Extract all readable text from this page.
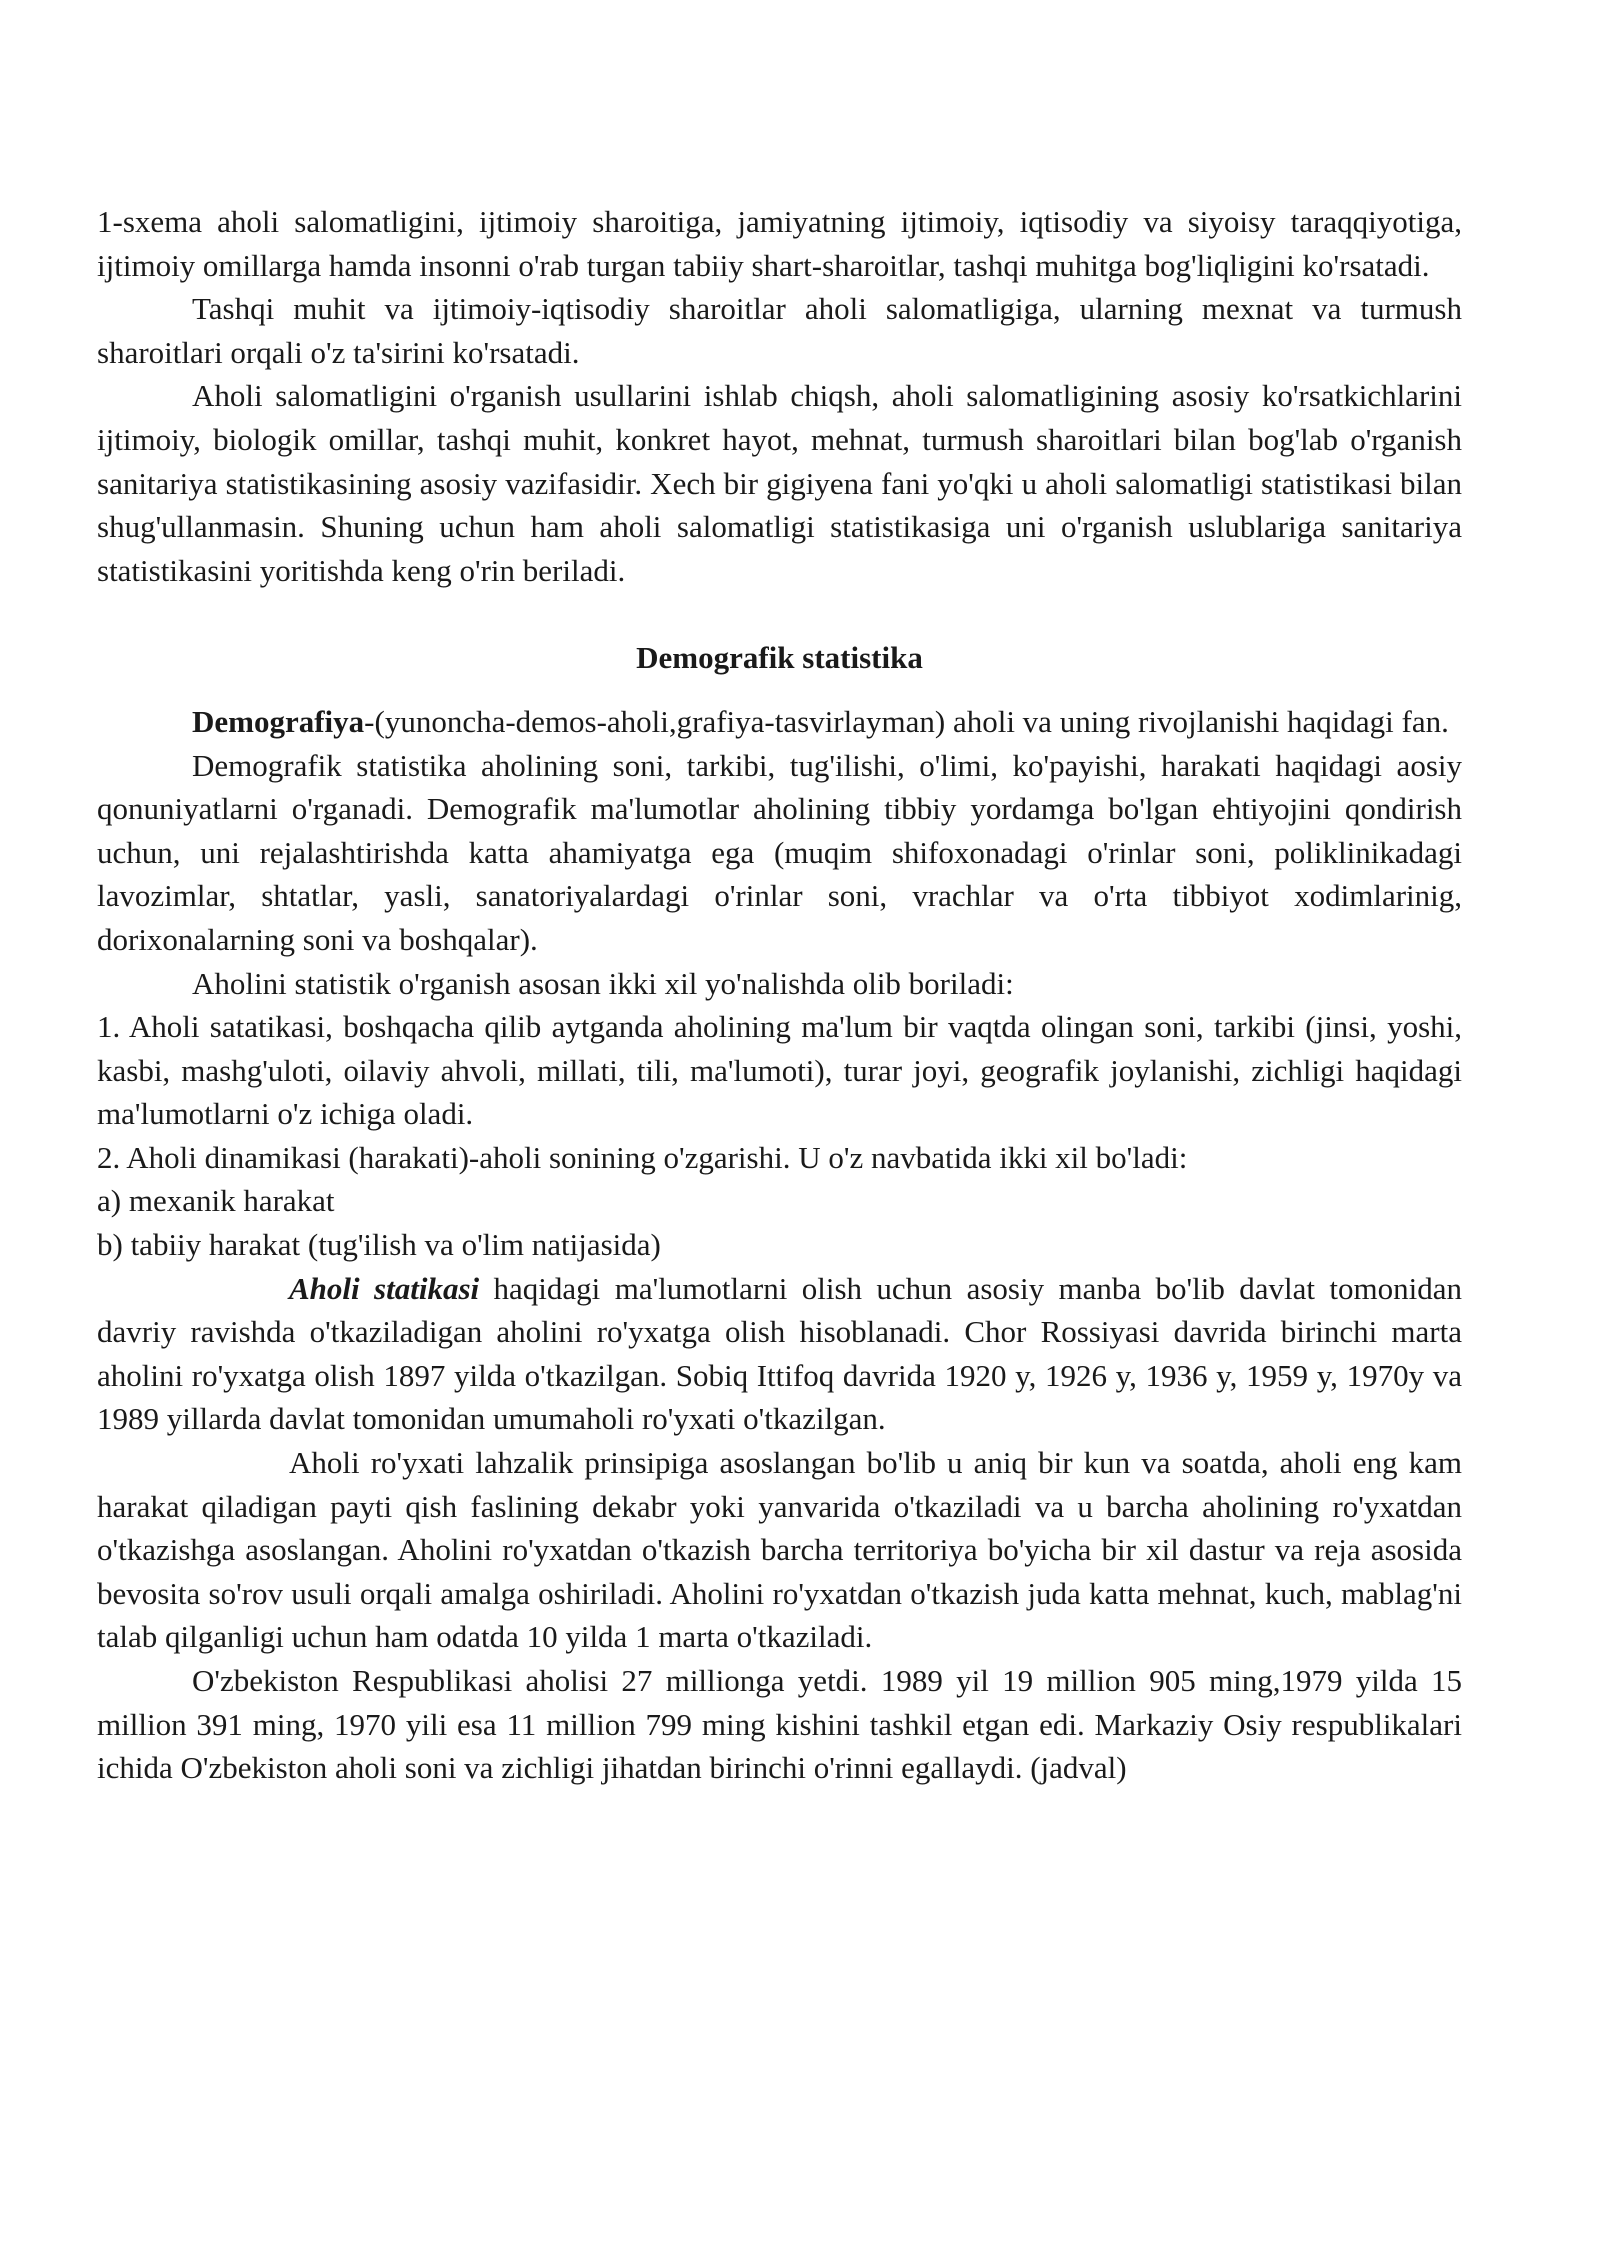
1-sxema aholi salomatligini, ijtimoiy sharoitiga, jamiyatning ijtimoiy, iqtisodiy va siyoisy taraqqiyotiga, ijtimoiy omillarga hamda insonni o'rab turgan tabiiy shart-sharoitlar, tashqi muhitga bog'liqligini ko'rsatadi.

Tashqi muhit va ijtimoiy-iqtisodiy sharoitlar aholi salomatligiga, ularning mexnat va turmush sharoitlari orqali o'z ta'sirini ko'rsatadi.

Aholi salomatligini o'rganish usullarini ishlab chiqsh, aholi salomatligining asosiy ko'rsatkichlarini ijtimoiy, biologik omillar, tashqi muhit, konkret hayot, mehnat, turmush sharoitlari bilan bog'lab o'rganish sanitariya statistikasining asosiy vazifasidir. Xech bir gigiyena fani yo'qki u aholi salomatligi statistikasi bilan shug'ullanmasin. Shuning uchun ham aholi salomatligi statistikasiga uni o'rganish uslublariga sanitariya statistikasini yoritishda keng o'rin beriladi.

Demografik statistika

Demografiya-(yunoncha-demos-aholi,grafiya-tasvirlayman) aholi va uning rivojlanishi haqidagi fan.

Demografik statistika aholining soni, tarkibi, tug'ilishi, o'limi, ko'payishi, harakati haqidagi aosiy qonuniyatlarni o'rganadi. Demografik ma'lumotlar aholining tibbiy yordamga bo'lgan ehtiyojini qondirish uchun, uni rejalashtirishda katta ahamiyatga ega (muqim shifoxonadagi o'rinlar soni, poliklinikadagi lavozimlar, shtatlar, yasli, sanatoriyalardagi o'rinlar soni, vrachlar va o'rta tibbiyot xodimlarinig, dorixonalarning soni va boshqalar).

Aholini statistik o'rganish asosan ikki xil yo'nalishda olib boriladi:

1. Aholi satatikasi, boshqacha qilib aytganda aholining ma'lum bir vaqtda olingan soni, tarkibi (jinsi, yoshi, kasbi, mashg'uloti, oilaviy ahvoli, millati, tili, ma'lumoti), turar joyi, geografik joylanishi, zichligi haqidagi ma'lumotlarni o'z ichiga oladi.

2. Aholi dinamikasi (harakati)-aholi sonining o'zgarishi. U o'z navbatida ikki xil bo'ladi:

a) mexanik harakat

b) tabiiy harakat (tug'ilish va o'lim natijasida)

Aholi statikasi haqidagi ma'lumotlarni olish uchun asosiy manba bo'lib davlat tomonidan davriy ravishda o'tkaziladigan aholini ro'yxatga olish hisoblanadi. Chor Rossiyasi davrida birinchi marta aholini ro'yxatga olish 1897 yilda o'tkazilgan. Sobiq Ittifoq davrida 1920 y, 1926 y, 1936 y, 1959 y, 1970y va 1989 yillarda davlat tomonidan umumaholi ro'yxati o'tkazilgan.

Aholi ro'yxati lahzalik prinsipiga asoslangan bo'lib u aniq bir kun va soatda, aholi eng kam harakat qiladigan payti qish faslining dekabr yoki yanvarida o'tkaziladi va u barcha aholining ro'yxatdan o'tkazishga asoslangan. Aholini ro'yxatdan o'tkazish barcha territoriya bo'yicha bir xil dastur va reja asosida bevosita so'rov usuli orqali amalga oshiriladi. Aholini ro'yxatdan o'tkazish juda katta mehnat, kuch, mablag'ni talab qilganligi uchun ham odatda 10 yilda 1 marta o'tkaziladi.

O'zbekiston Respublikasi aholisi 27 millionga yetdi. 1989 yil 19 million 905 ming,1979 yilda 15 million 391 ming, 1970 yili esa 11 million 799 ming kishini tashkil etgan edi. Markaziy Osiy respublikalari ichida O'zbekiston aholi soni va zichligi jihatdan birinchi o'rinni egallaydi. (jadval)
